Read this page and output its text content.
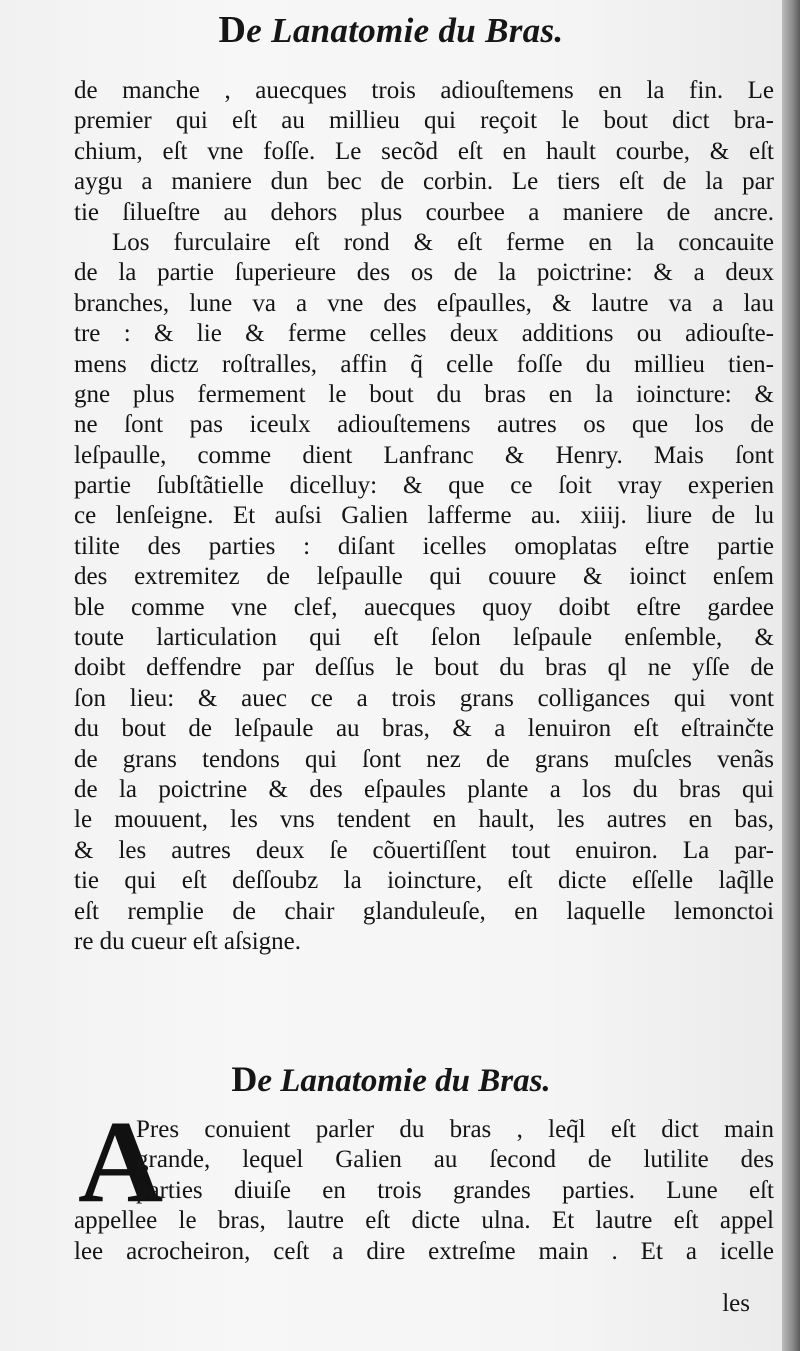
De Lanatomie du Bras.
de manche , auecques trois adiouſtemens en la fin. Le
premier qui eſt au millieu qui reçoit le bout dict bra-
chium, eſt vne foſſe. Le secõd eſt en hault courbe, & eſt
aygu a maniere dun bec de corbin. Le tiers eſt de la par
tie ſilueſtre au dehors plus courbee a maniere de ancre.
Los furculaire eſt rond & eſt ferme en la concauite
de la partie ſuperieure des os de la poictrine: & a deux
branches, lune va a vne des eſpaulles, & lautre va a lau
tre : & lie & ferme celles deux additions ou adiouſte-
mens dictz roſtralles, affin q̃ celle foſſe du millieu tien-
gne plus fermement le bout du bras en la ioincture: &
ne ſont pas iceulx adiouſtemens autres os que los de
leſpaulle, comme dient Lanfranc & Henry. Mais ſont
partie ſubſtãtielle dicelluy: & que ce ſoit vray experien
ce lenſeigne. Et auſsi Galien lafferme au. xiiĳ. liure de lu
tilite des parties : diſant icelles omoplatas eſtre partie
des extremitez de leſpaulle qui couure & ioinct enſem
ble comme vne clef, auecques quoy doibt eſtre gardee
toute larticulation qui eſt ſelon leſpaule enſemble, &
doibt deffendre par deſſus le bout du bras ql ne yſſe de
ſon lieu: & auec ce a trois grans colligances qui vont
du bout de leſpaule au bras, & a lenuiron eſt eſtrainčte
de grans tendons qui ſont nez de grans muſcles venãs
de la poictrine & des eſpaules plante a los du bras qui
le mouuent, les vns tendent en hault, les autres en bas,
& les autres deux ſe cõuertiſſent tout enuiron. La par-
tie qui eſt deſſoubz la ioincture, eſt dicte eſſelle laq̃lle
eſt remplie de chair glanduleuſe, en laquelle lemonctoi
re du cueur eſt aſsigne.
De Lanatomie du Bras.
A
Pres conuient parler du bras , leq̃l eſt dict main
grande, lequel Galien au ſecond de lutilite des
parties diuiſe en trois grandes parties. Lune eſt
appellee le bras, lautre eſt dicte ulna. Et lautre eſt appel
lee acrocheiron, ceſt a dire extreſme main . Et a icelle
les
